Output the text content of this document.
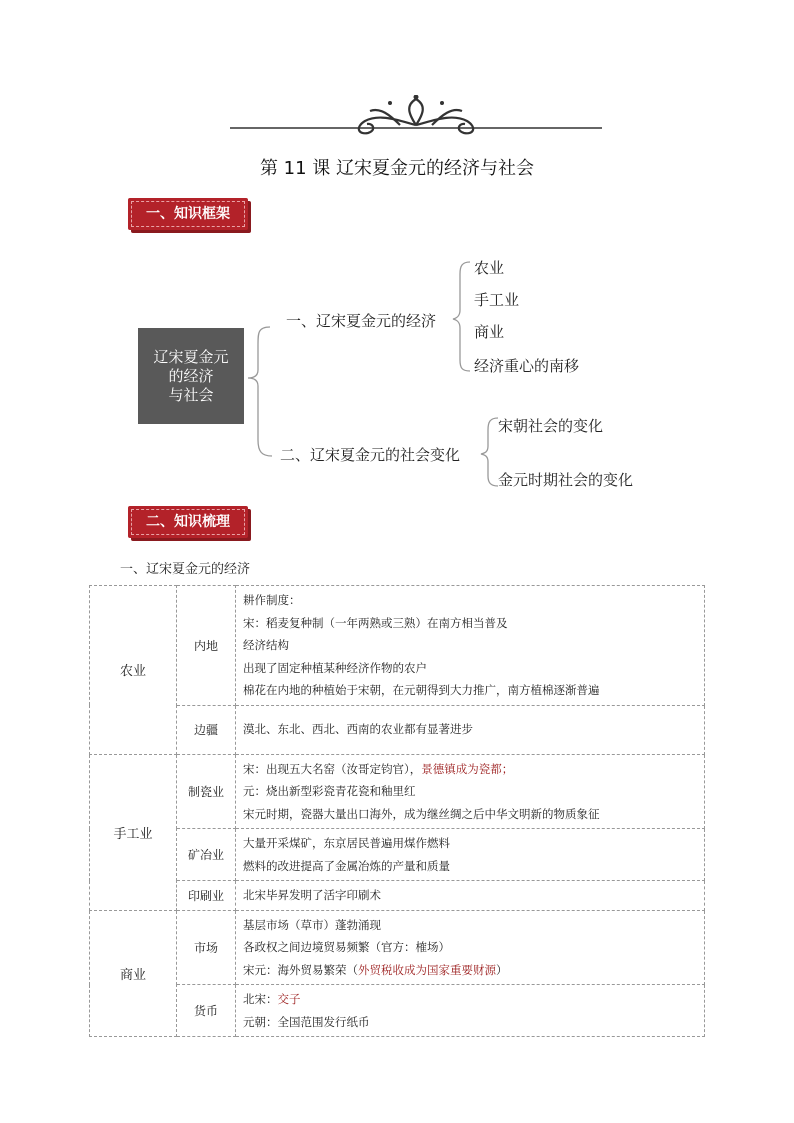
第 11 课 辽宋夏金元的经济与社会
一、知识框架
辽宋夏金元
的经济
与社会
一、辽宋夏金元的经济
农业
手工业
商业
经济重心的南移
二、辽宋夏金元的社会变化
宋朝社会的变化
金元时期社会的变化
二、知识梳理
一、辽宋夏金元的经济
农业	内地	耕作制度：
宋：稻麦复种制（一年两熟或三熟）在南方相当普及
经济结构
出现了固定种植某种经济作物的农户
棉花在内地的种植始于宋朝，在元朝得到大力推广，南方植棉逐渐普遍

	边疆	漠北、东北、西北、西南的农业都有显著进步

手工业	制瓷业	宋：出现五大名窑（汝哥定钧官），景德镇成为瓷都；
元：烧出新型彩瓷青花瓷和釉里红
宋元时期，瓷器大量出口海外，成为继丝绸之后中华文明新的物质象征

	矿冶业	大量开采煤矿，东京居民普遍用煤作燃料
燃料的改进提高了金属冶炼的产量和质量

	印刷业	北宋毕昇发明了活字印刷术

商业	市场	基层市场（草市）蓬勃涌现
各政权之间边境贸易频繁（官方：榷场）
宋元：海外贸易繁荣（外贸税收成为国家重要财源）

	货币	北宋：交子
元朝：全国范围发行纸币
